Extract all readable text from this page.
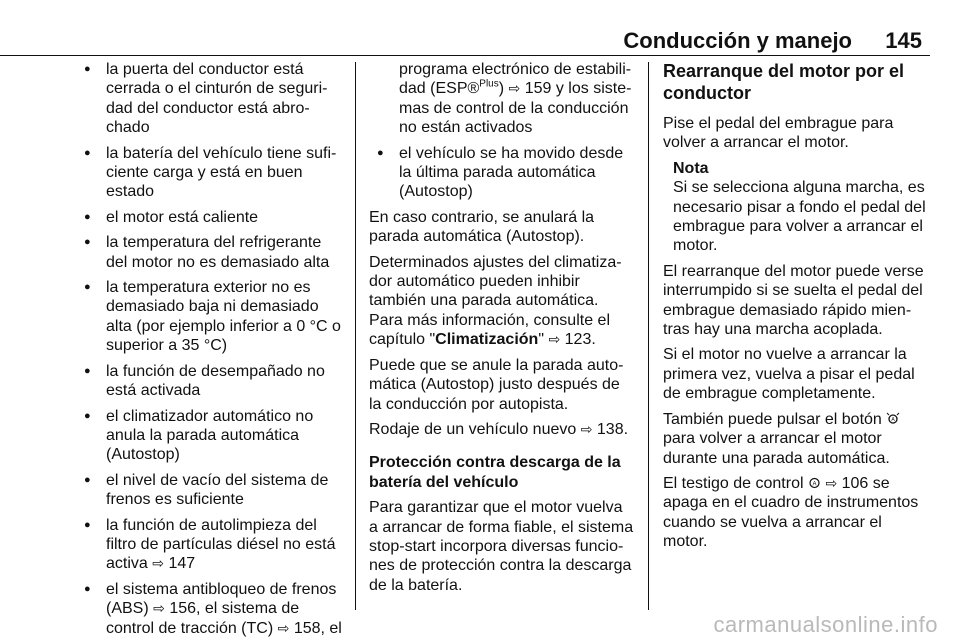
Conducción y manejo 145
● la puerta del conductor está cerrada o el cinturón de seguri- dad del conductor está abro- chado
● la batería del vehículo tiene sufi- ciente carga y está en buen estado
● el motor está caliente
● la temperatura del refrigerante del motor no es demasiado alta
● la temperatura exterior no es demasiado baja ni demasiado alta (por ejemplo inferior a 0 °C o superior a 35 °C)
● la función de desempañado no está activada
● el climatizador automático no anula la parada automática (Autostop)
● el nivel de vacío del sistema de frenos es suficiente
● la función de autolimpieza del filtro de partículas diésel no está activa ⇨ 147
● el sistema antibloqueo de frenos (ABS) ⇨ 156, el sistema de control de tracción (TC) ⇨ 158, el
programa electrónico de estabili- dad (ESP®$^{Plus}$) ⇨ 159 y los siste- mas de control de la conducción no están activados
● el vehículo se ha movido desde la última parada automática (Autostop)

En caso contrario, se anulará la parada automática (Autostop).

Determinados ajustes del climatiza- dor automático pueden inhibir también una parada automática. Para más información, consulte el capítulo "Climatización" ⇨ 123.

Puede que se anule la parada auto- mática (Autostop) justo después de la conducción por autopista.

Rodaje de un vehículo nuevo ⇨ 138.

Protección contra descarga de la batería del vehículo

Para garantizar que el motor vuelva a arrancar de forma fiable, el sistema stop-start incorpora diversas funcio- nes de protección contra la descarga de la batería.

Rearranque del motor por el conductor

Pise el pedal del embrague para volver a arrancar el motor.

Nota
Si se selecciona alguna marcha, es necesario pisar a fondo el pedal del embrague para volver a arrancar el motor.

El rearranque del motor puede verse interrumpido si se suelta el pedal del embrague demasiado rápido mien- tras hay una marcha acoplada.

Si el motor no vuelve a arrancar la primera vez, vuelva a pisar el pedal de embrague completamente.

También puede pulsar el botón A
para volver a arrancar el motor durante una parada automática.

El testigo de control A ⇨ 106 se apaga en el cuadro de instrumentos cuando se vuelva a arrancar el motor.

carmanualsonline.info
